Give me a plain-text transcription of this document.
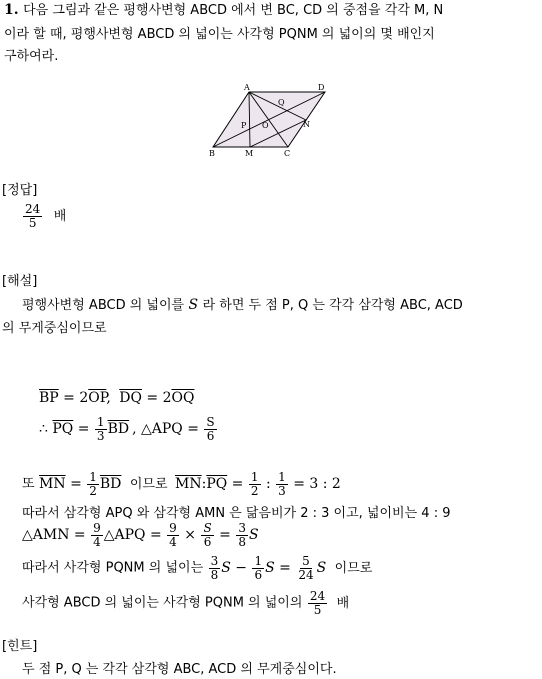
1. 다음 그림과 같은 평행사변형 ABCD 에서 변 BC, CD 의 중점을 각각 M, N
이라 할 때, 평행사변형 ABCD 의 넓이는 사각형 PQNM 의 넓이의 몇 배인지
구하여라.
A	D
B	C
M
N
P
Q
O
[정답]
$\frac{24}{5}$ 배
[해설]
평행사변형 ABCD 의 넓이를 S 라 하면 두 점 P, Q 는 각각 삼각형 ABC, ACD
의 무게중심이므로
$\overline{BP} = 2\overline{OP}$, $\overline{DQ} = 2\overline{OQ}$
∴ $\overline{PQ} = \frac{1}{3} \overline{BD}$ , △APQ = $\frac{S}{6}$
또 $\overline{MN} = \frac{1}{2} \overline{BD}$ 이므로 $\overline{MN}:\overline{PQ} = \frac{1}{2}$ : $\frac{1}{3} = 3$ : 2
따라서 삼각형 APQ 와 삼각형 AMN 은 닮음비가 2 : 3 이고, 넓이비는 4 : 9
△AMN = $\frac{9}{4}$ △APQ = $\frac{9}{4} \times \frac{S}{6} = \frac{3}{8}$ S
따라서 사각형 PQNM 의 넓이는 $\frac{3}{8}$ $S - \frac{1}{6}$ $S = \frac{5}{24}$ S 이므로
사각형 ABCD 의 넓이는 사각형 PQNM 의 넓이의 $\frac{24}{5}$ 배
[힌트]
두 점 P, Q 는 각각 삼각형 ABC, ACD 의 무게중심이다.
